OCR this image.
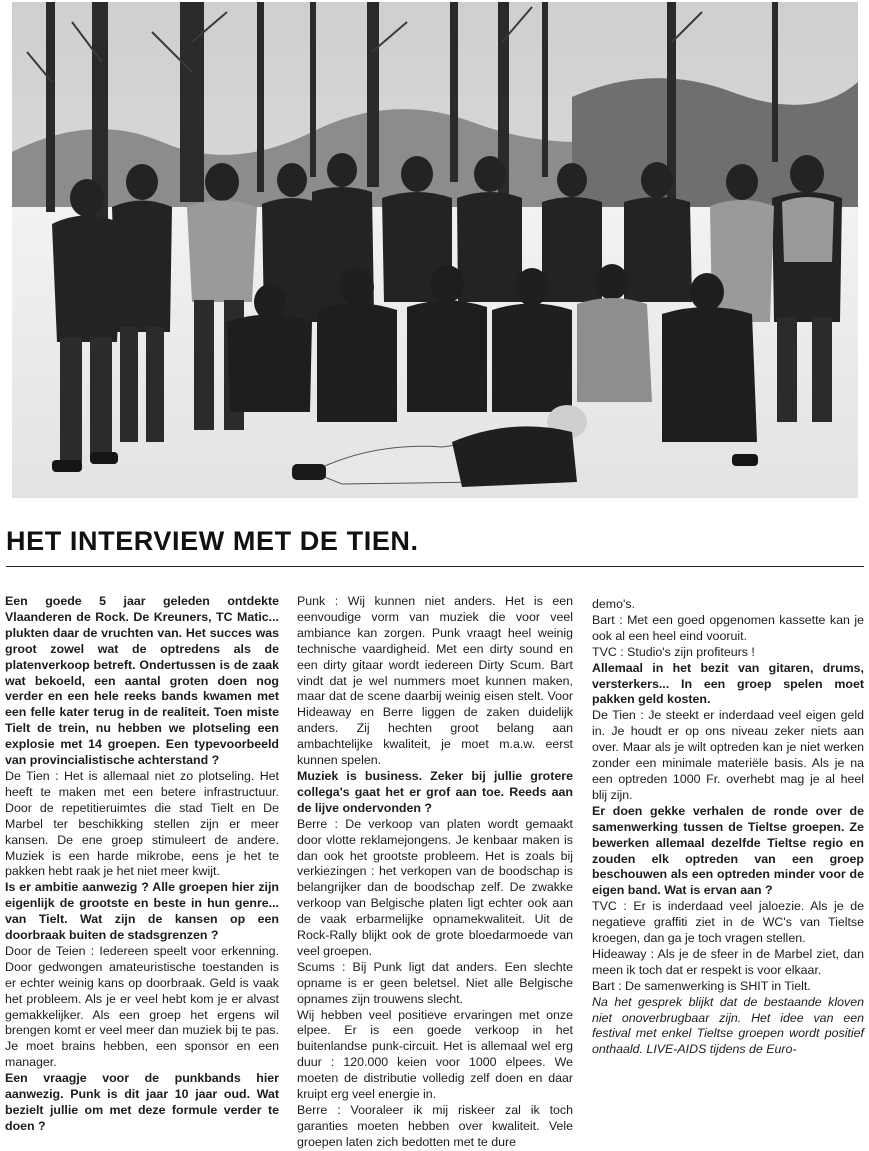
HET INTERVIEW MET DE TIEN.

Een goede 5 jaar geleden ontdekte Vlaanderen de Rock. De Kreuners, TC Matic... plukten daar de vruchten van. Het succes was groot zowel wat de optredens als de platenverkoop betreft. Ondertussen is de zaak wat bekoeld, een aantal groten doen nog verder en een hele reeks bands kwamen met een felle kater terug in de realiteit. Toen miste Tielt de trein, nu hebben we plotseling een explosie met 14 groepen. Een typevoorbeeld van provincialistische achterstand ?

De Tien : Het is allemaal niet zo plotseling. Het heeft te maken met een betere infrastructuur. Door de repetitieruimtes die stad Tielt en De Marbel ter beschikking stellen zijn er meer kansen. De ene groep stimuleert de andere. Muziek is een harde mikrobe, eens je het te pakken hebt raak je het niet meer kwijt.

Is er ambitie aanwezig ? Alle groepen hier zijn eigenlijk de grootste en beste in hun genre... van Tielt. Wat zijn de kansen op een doorbraak buiten de stadsgrenzen ?

Door de Teien : Iedereen speelt voor erkenning. Door gedwongen amateuristische toestanden is er echter weinig kans op doorbraak. Geld is vaak het probleem. Als je er veel hebt kom je er alvast gemakkelijker. Als een groep het ergens wil brengen komt er veel meer dan muziek bij te pas. Je moet brains hebben, een sponsor en een manager.

Een vraagje voor de punkbands hier aanwezig. Punk is dit jaar 10 jaar oud. Wat bezielt jullie om met deze formule verder te doen ?

Punk : Wij kunnen niet anders. Het is een eenvoudige vorm van muziek die voor veel ambiance kan zorgen. Punk vraagt heel weinig technische vaardigheid. Met een dirty sound en een dirty gitaar wordt iedereen Dirty Scum. Bart vindt dat je wel nummers moet kunnen maken, maar dat de scene daarbij weinig eisen stelt. Voor Hideaway en Berre liggen de zaken duidelijk anders. Zij hechten groot belang aan ambachtelijke kwaliteit, je moet m.a.w. eerst kunnen spelen.

Muziek is business. Zeker bij jullie grotere collega's gaat het er grof aan toe. Reeds aan de lijve ondervonden ?

Berre : De verkoop van platen wordt gemaakt door vlotte reklamejongens. Je kenbaar maken is dan ook het grootste probleem. Het is zoals bij verkiezingen : het verkopen van de boodschap is belangrijker dan de boodschap zelf. De zwakke verkoop van Belgische platen ligt echter ook aan de vaak erbarmelijke opnamekwaliteit. Uit de Rock-Rally blijkt ook de grote bloedarmoede van veel groepen.

Scums : Bij Punk ligt dat anders. Een slechte opname is er geen beletsel. Niet alle Belgische opnames zijn trouwens slecht.

Wij hebben veel positieve ervaringen met onze elpee. Er is een goede verkoop in het buitenlandse punk-circuit. Het is allemaal wel erg duur : 120.000 keien voor 1000 elpees. We moeten de distributie volledig zelf doen en daar kruipt erg veel energie in.

Berre : Vooraleer ik mij riskeer zal ik toch garanties moeten hebben over kwaliteit. Vele groepen laten zich bedotten met te dure

demo's.

Bart : Met een goed opgenomen kassette kan je ook al een heel eind vooruit.

TVC : Studio's zijn profiteurs !

Allemaal in het bezit van gitaren, drums, versterkers... In een groep spelen moet pakken geld kosten.

De Tien : Je steekt er inderdaad veel eigen geld in. Je houdt er op ons niveau zeker niets aan over. Maar als je wilt optreden kan je niet werken zonder een minimale materiële basis. Als je na een optreden 1000 Fr. overhebt mag je al heel blij zijn.

Er doen gekke verhalen de ronde over de samenwerking tussen de Tieltse groepen. Ze bewerken allemaal dezelfde Tieltse regio en zouden elk optreden van een groep beschouwen als een optreden minder voor de eigen band. Wat is ervan aan ?

TVC : Er is inderdaad veel jaloezie. Als je de negatieve graffiti ziet in de WC's van Tieltse kroegen, dan ga je toch vragen stellen.

Hideaway : Als je de sfeer in de Marbel ziet, dan meen ik toch dat er respekt is voor elkaar.

Bart : De samenwerking is SHIT in Tielt.

Na het gesprek blijkt dat de bestaande kloven niet onoverbrugbaar zijn. Het idee van een festival met enkel Tieltse groepen wordt positief onthaald. LIVE-AIDS tijdens de Euro-
